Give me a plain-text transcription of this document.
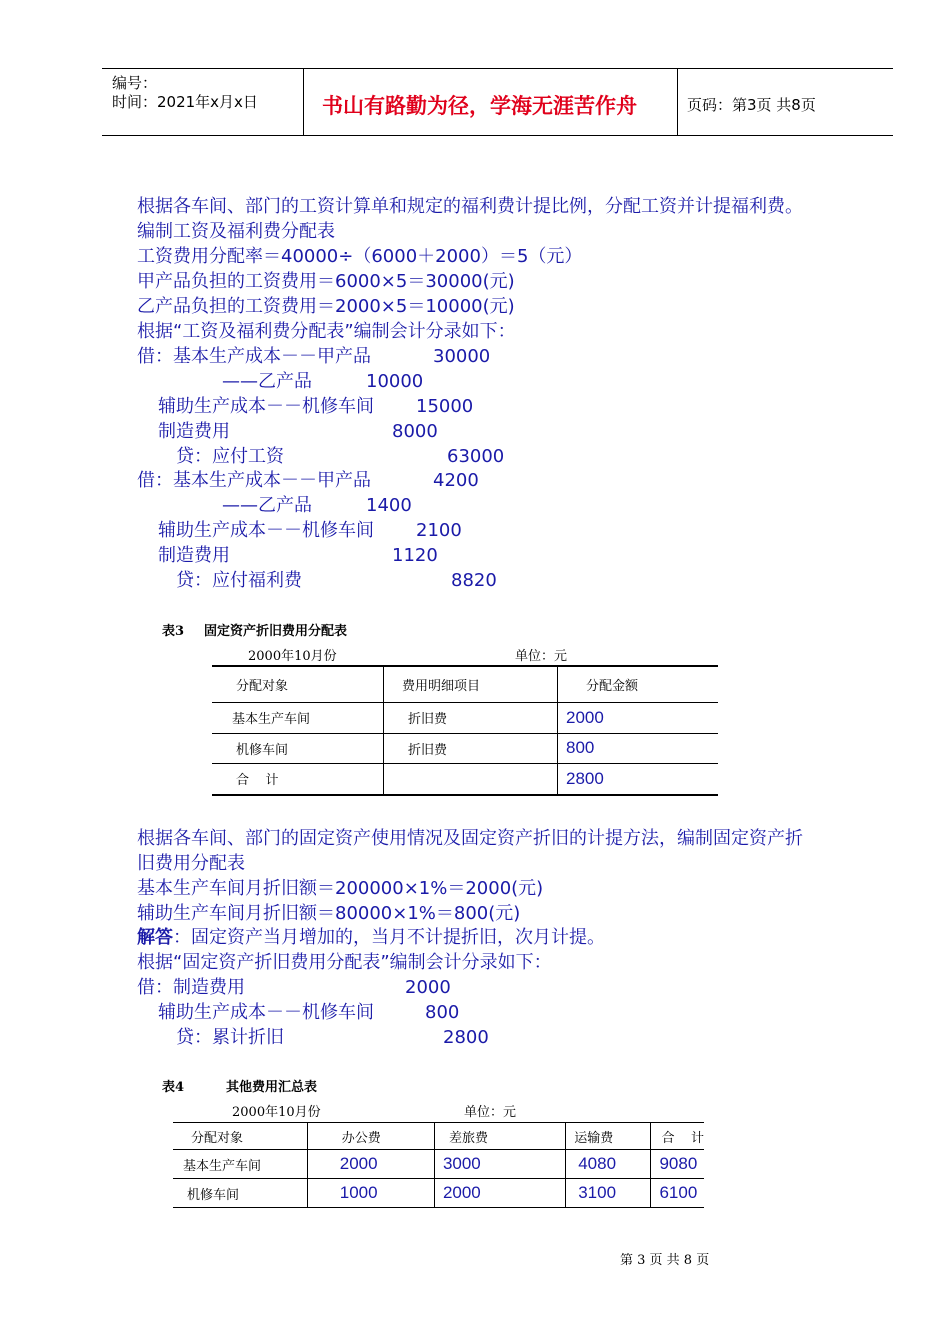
编号：
时间：2021年x月x日	书山有路勤为径，学海无涯苦作舟	页码：第3页 共8页
根据各车间、部门的工资计算单和规定的福利费计提比例，分配工资并计提福利费。
编制工资及福利费分配表
工资费用分配率＝40000÷（6000＋2000）＝5（元）
甲产品负担的工资费用＝6000×5＝30000(元)
乙产品负担的工资费用＝2000×5＝10000(元)
根据“工资及福利费分配表”编制会计分录如下：
借：基本生产成本－－甲产品	30000
——乙产品	10000
辅助生产成本－－机修车间 15000
制造费用	8000
贷：应付工资	63000
借：基本生产成本－－甲产品	4200
——乙产品	1400
辅助生产成本－－机修车间 2100
制造费用	1120
贷：应付福利费	8820
表3 固定资产折旧费用分配表
2000年10月份	单位：元
分配对象	费用明细项目	分配金额
基本生产车间	折旧费	2000
机修车间	折旧费	800
合    计		2800
根据各车间、部门的固定资产使用情况及固定资产折旧的计提方法，编制固定资产折
旧费用分配表
基本生产车间月折旧额＝200000×1%＝2000(元)
辅助生产车间月折旧额＝80000×1%＝800(元)
解答：固定资产当月增加的，当月不计提折旧，次月计提。
根据“固定资产折旧费用分配表”编制会计分录如下：
借：制造费用	2000
辅助生产成本－－机修车间	800
贷：累计折旧	2800
表4	其他费用汇总表
2000年10月份	单位：元
分配对象	办公费	差旅费	运输费	合    计
基本生产车间	2000	3000	4080	9080
机修车间	1000	2000	3100	6100
第 3 页 共 8 页
